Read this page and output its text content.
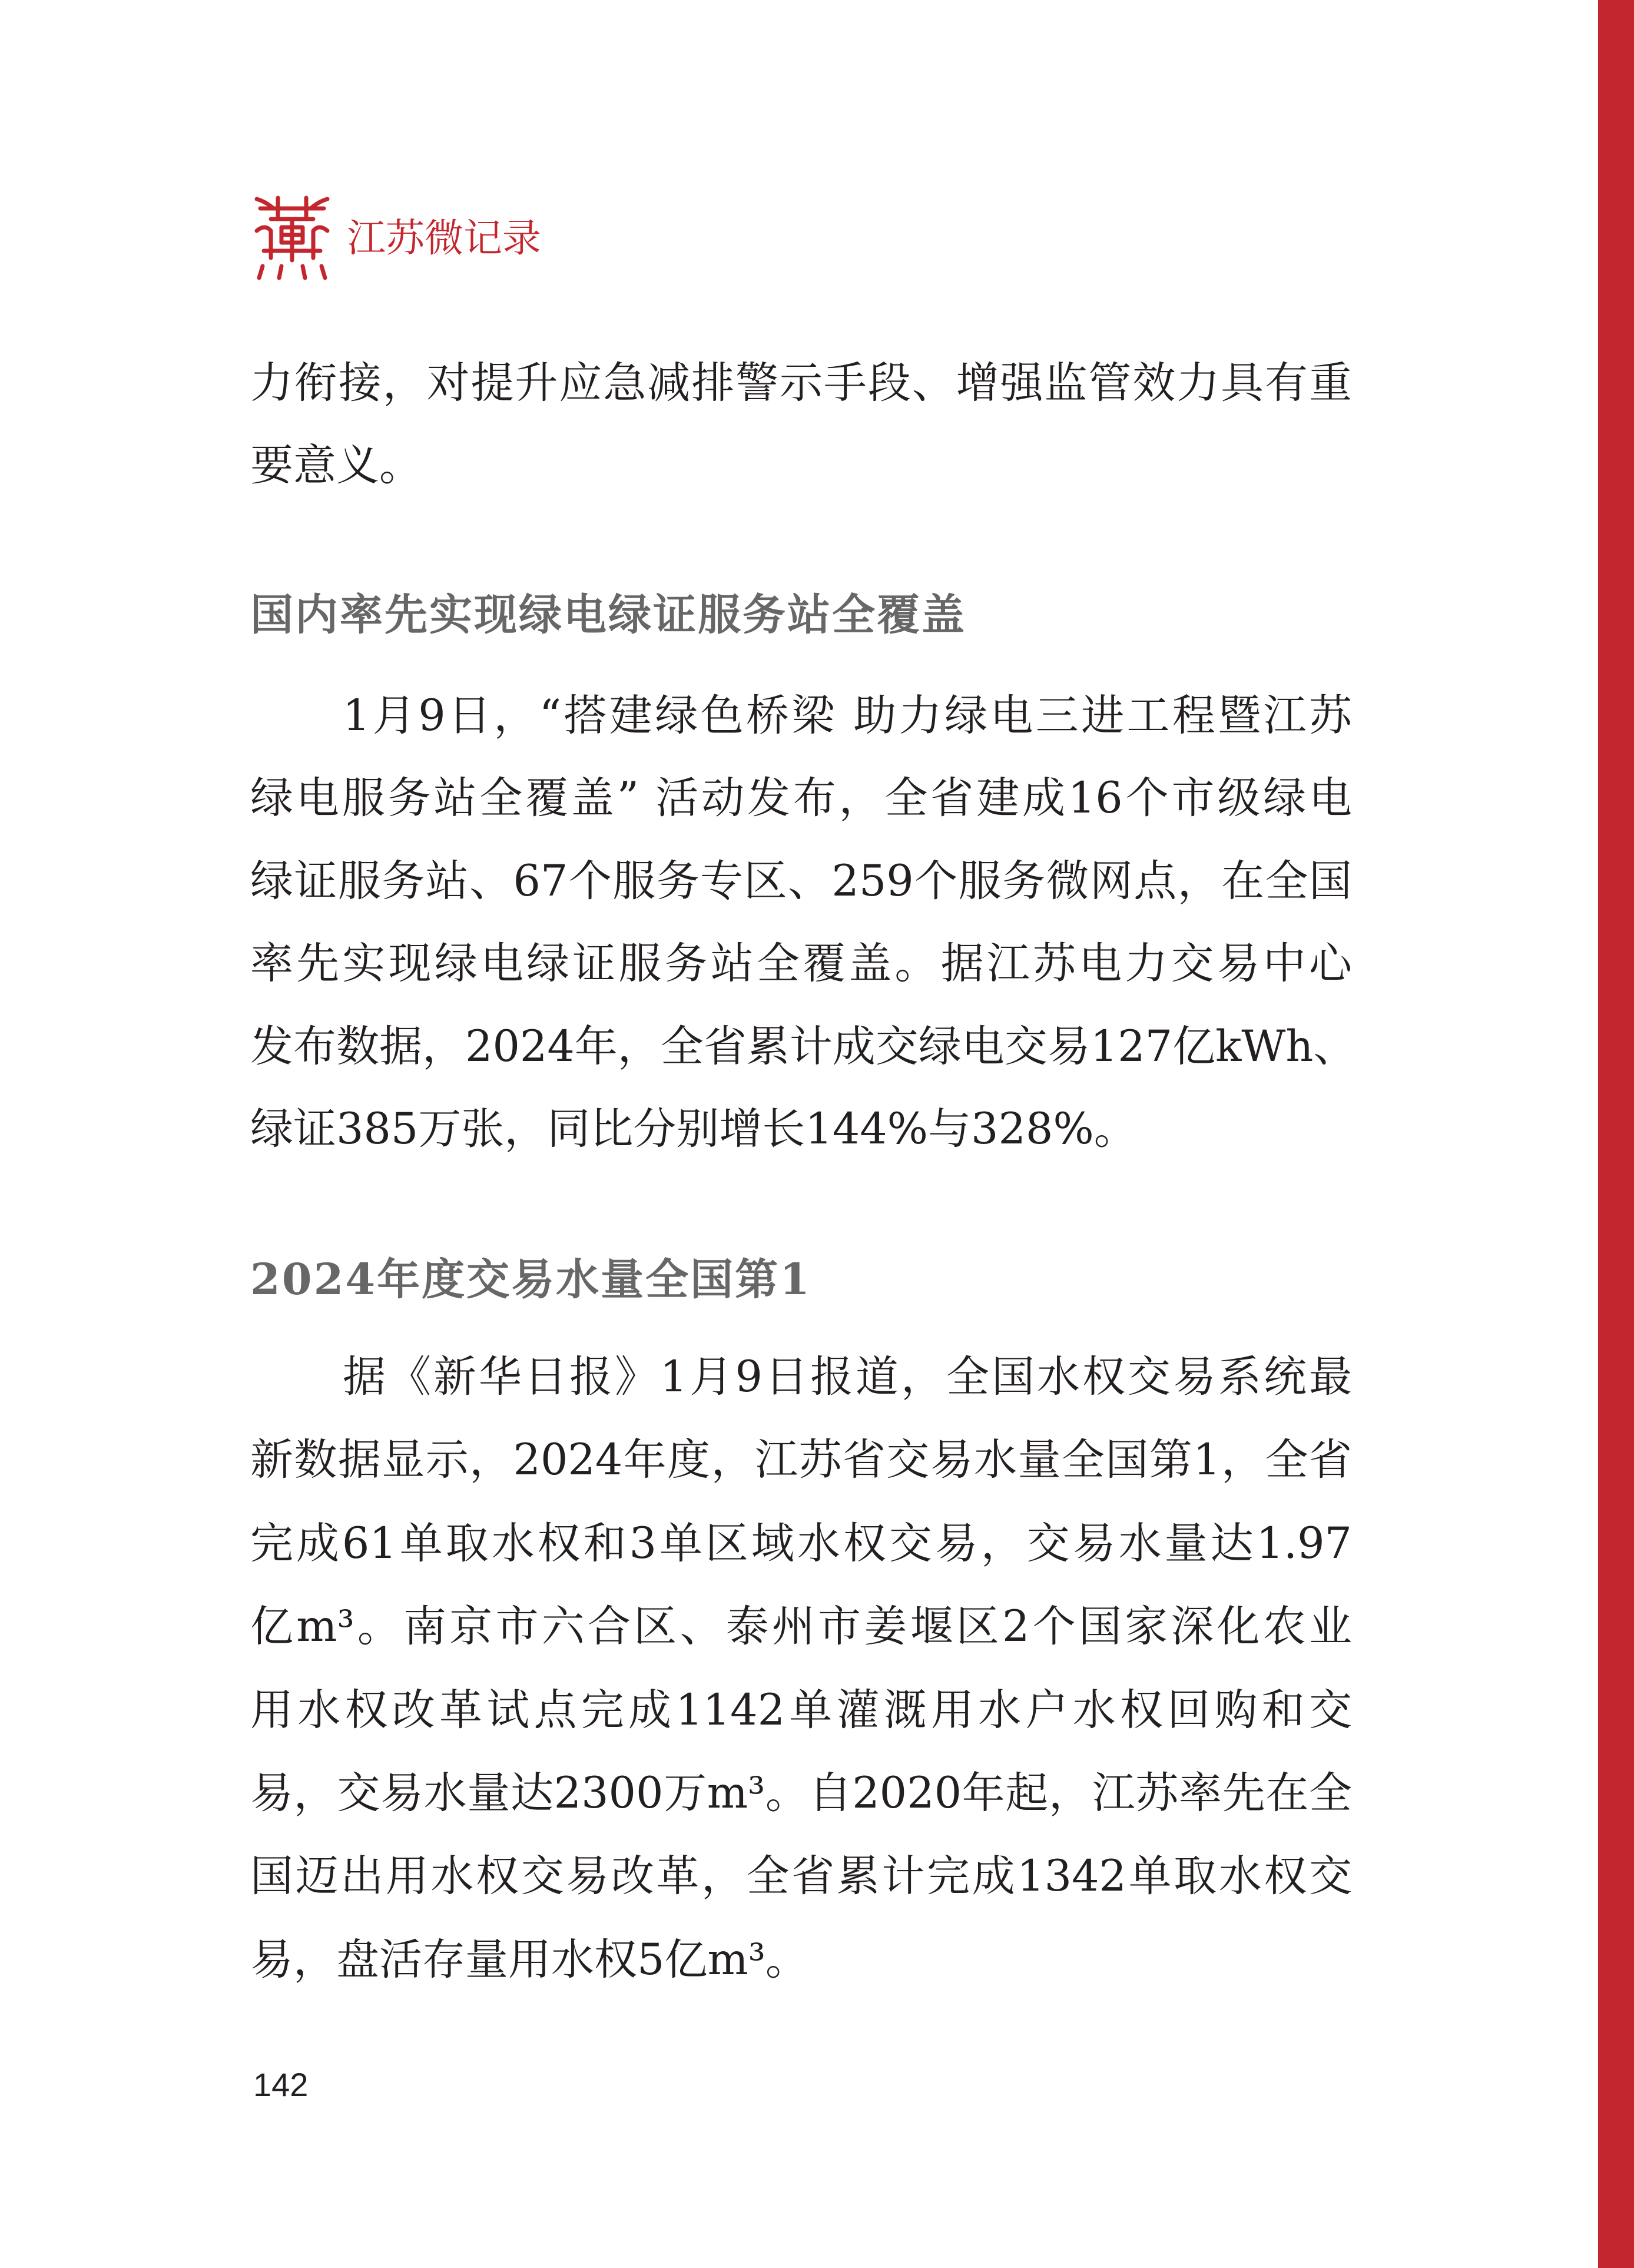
江苏微记录
力衔接，对提升应急减排警示手段、增强监管效力具有重
要意义。
国内率先实现绿电绿证服务站全覆盖
1月9日，“搭建绿色桥梁 助力绿电三进工程暨江苏
绿电服务站全覆盖” 活动发布，全省建成16个市级绿电
绿证服务站、67个服务专区、259个服务微网点，在全国
率先实现绿电绿证服务站全覆盖。据江苏电力交易中心
发布数据，2024年，全省累计成交绿电交易127亿kWh、
绿证385万张，同比分别增长144%与328%。
2024年度交易水量全国第1
据《新华日报》1月9日报道，全国水权交易系统最
新数据显示，2024年度，江苏省交易水量全国第1，全省
完成61单取水权和3单区域水权交易，交易水量达1.97
亿m³。南京市六合区、泰州市姜堰区2个国家深化农业
用水权改革试点完成1142单灌溉用水户水权回购和交
易，交易水量达2300万m³。自2020年起，江苏率先在全
国迈出用水权交易改革，全省累计完成1342单取水权交
易，盘活存量用水权5亿m³。
142
